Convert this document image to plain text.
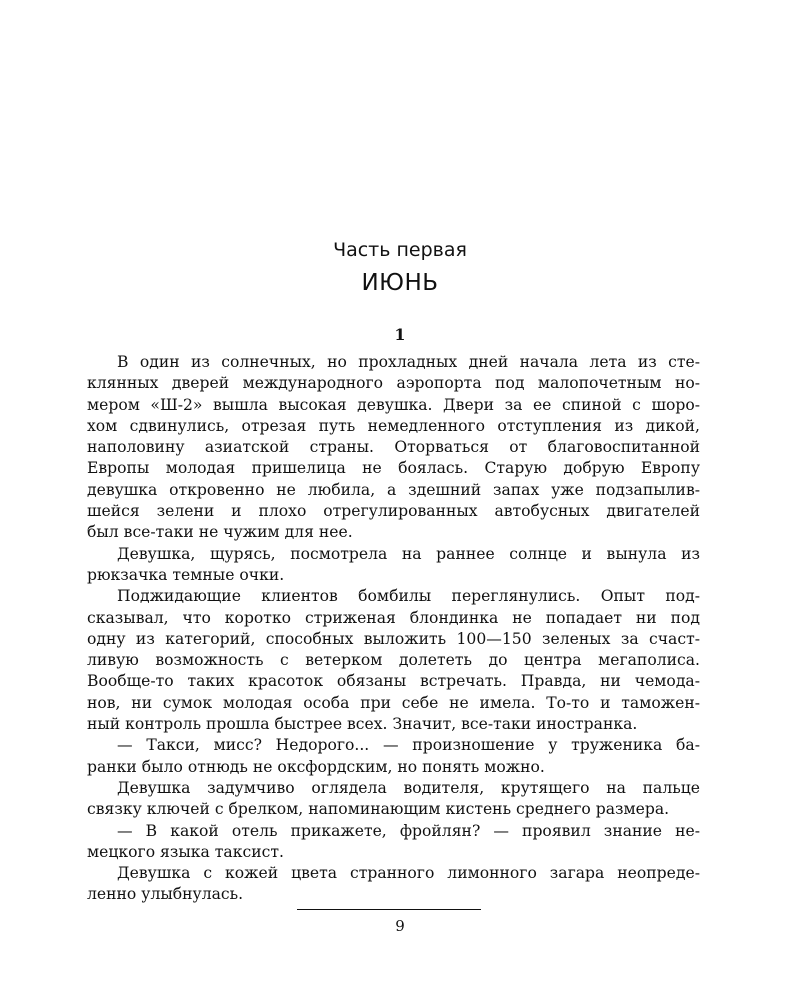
Часть первая
ИЮНЬ
1
В один из солнечных, но прохладных дней начала лета из сте-
клянных дверей международного аэропорта под малопочетным но-
мером «Ш-2» вышла высокая девушка. Двери за ее спиной с шоро-
хом сдвинулись, отрезая путь немедленного отступления из дикой,
наполовину азиатской страны. Оторваться от благовоспитанной
Европы молодая пришелица не боялась. Старую добрую Европу
девушка откровенно не любила, а здешний запах уже подзапылив-
шейся зелени и плохо отрегулированных автобусных двигателей
был все-таки не чужим для нее.
Девушка, щурясь, посмотрела на раннее солнце и вынула из
рюкзачка темные очки.
Поджидающие клиентов бомбилы переглянулись. Опыт под-
сказывал, что коротко стриженая блондинка не попадает ни под
одну из категорий, способных выложить 100—150 зеленых за счаст-
ливую возможность с ветерком долететь до центра мегаполиса.
Вообще-то таких красоток обязаны встречать. Правда, ни чемода-
нов, ни сумок молодая особа при себе не имела. То-то и таможен-
ный контроль прошла быстрее всех. Значит, все-таки иностранка.
— Такси, мисс? Недорого... — произношение у труженика ба-
ранки было отнюдь не оксфордским, но понять можно.
Девушка задумчиво оглядела водителя, крутящего на пальце
связку ключей с брелком, напоминающим кистень среднего размера.
— В какой отель прикажете, фройлян? — проявил знание не-
мецкого языка таксист.
Девушка с кожей цвета странного лимонного загара неопреде-
ленно улыбнулась.
9
